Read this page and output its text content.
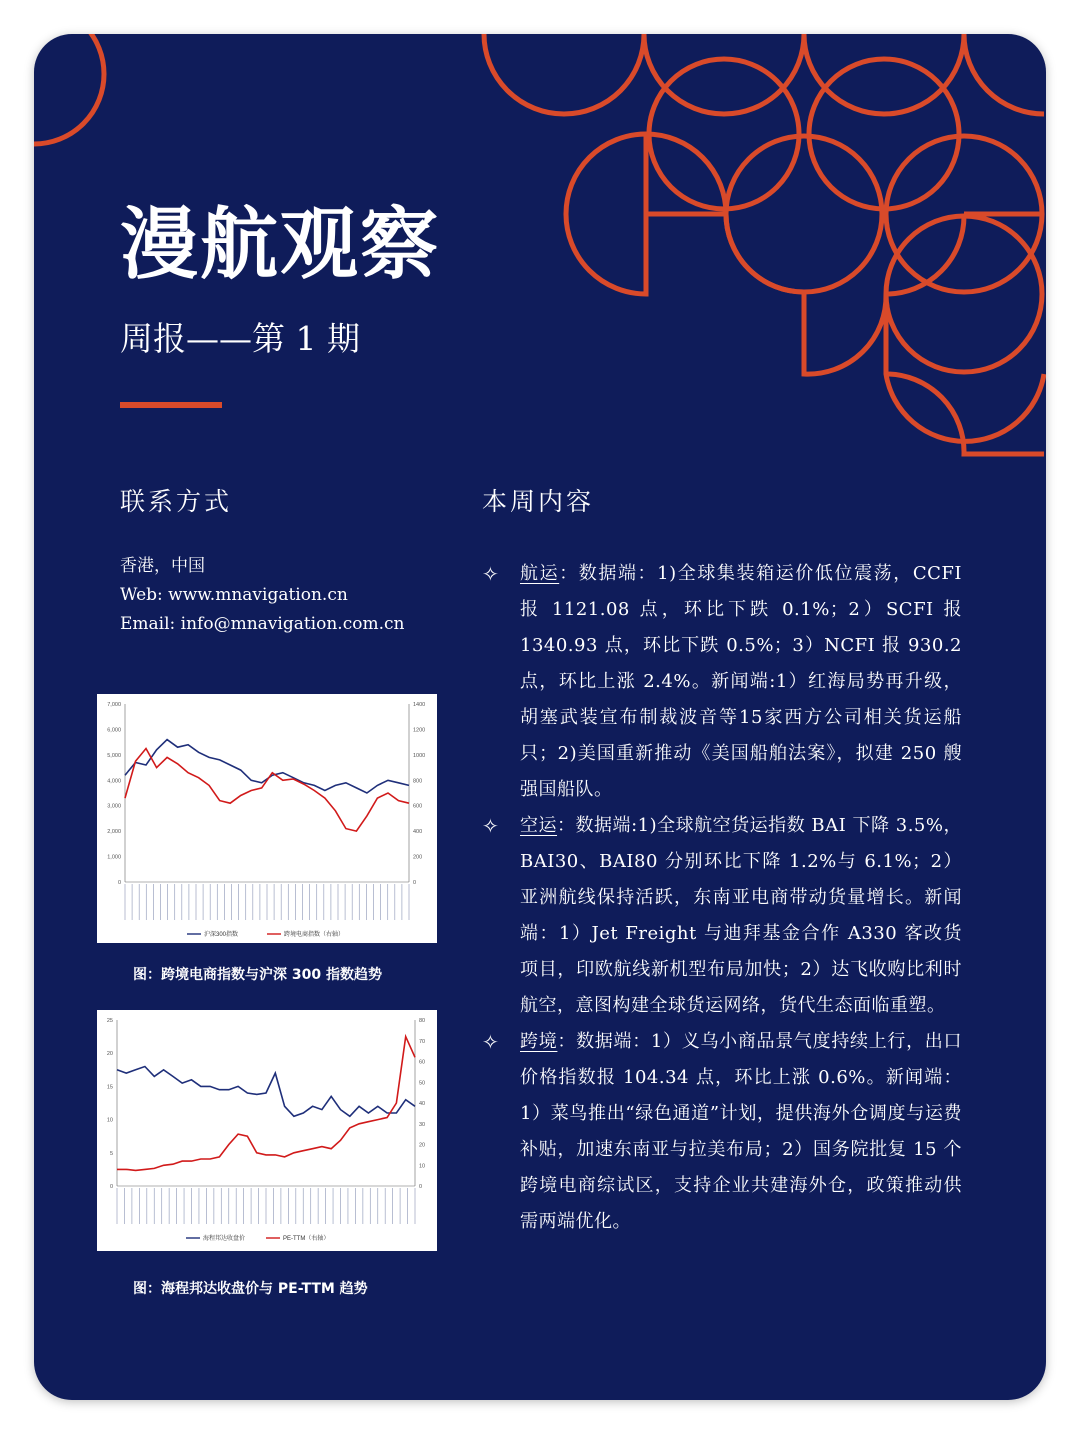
漫航观察
周报——第 1 期
联系方式
香港，中国
Web: www.mnavigation.cn
Email: info@mnavigation.com.cn
0
1,000
2,000
3,000
4,000
5,000
6,000
7,000
0
200
400
600
800
1000
1200
1400
沪深300指数	跨境电商指数（右轴）
图：跨境电商指数与沪深 300 指数趋势
0
5
10
15
20
25
0
10
20
30
40
50
60
70
80
海程邦达收盘价	PE-TTM（右轴）
图：海程邦达收盘价与 PE-TTM 趋势
本周内容
✧ 航运：数据端：1)全球集装箱运价低位震荡，CCFI 报 1121.08 点，环比下跌 0.1%；2）SCFI 报 1340.93 点，环比下跌 0.5%；3）NCFI 报 930.2 点，环比上涨 2.4%。新闻端:1）红海局势再升级，胡塞武装宣布制裁波音等15家西方公司相关货运船只；2)美国重新推动《美国船舶法案》，拟建 250 艘强国船队。
✧ 空运：数据端:1)全球航空货运指数 BAI 下降 3.5%，BAI30、BAI80 分别环比下降 1.2%与 6.1%；2）亚洲航线保持活跃，东南亚电商带动货量增长。新闻端：1）Jet Freight 与迪拜基金合作 A330 客改货项目，印欧航线新机型布局加快；2）达飞收购比利时航空，意图构建全球货运网络，货代生态面临重塑。
✧ 跨境：数据端：1）义乌小商品景气度持续上行，出口价格指数报 104.34 点，环比上涨 0.6%。新闻端： 1）菜鸟推出“绿色通道”计划，提供海外仓调度与运费补贴，加速东南亚与拉美布局；2）国务院批复 15 个跨境电商综试区，支持企业共建海外仓，政策推动供需两端优化。
